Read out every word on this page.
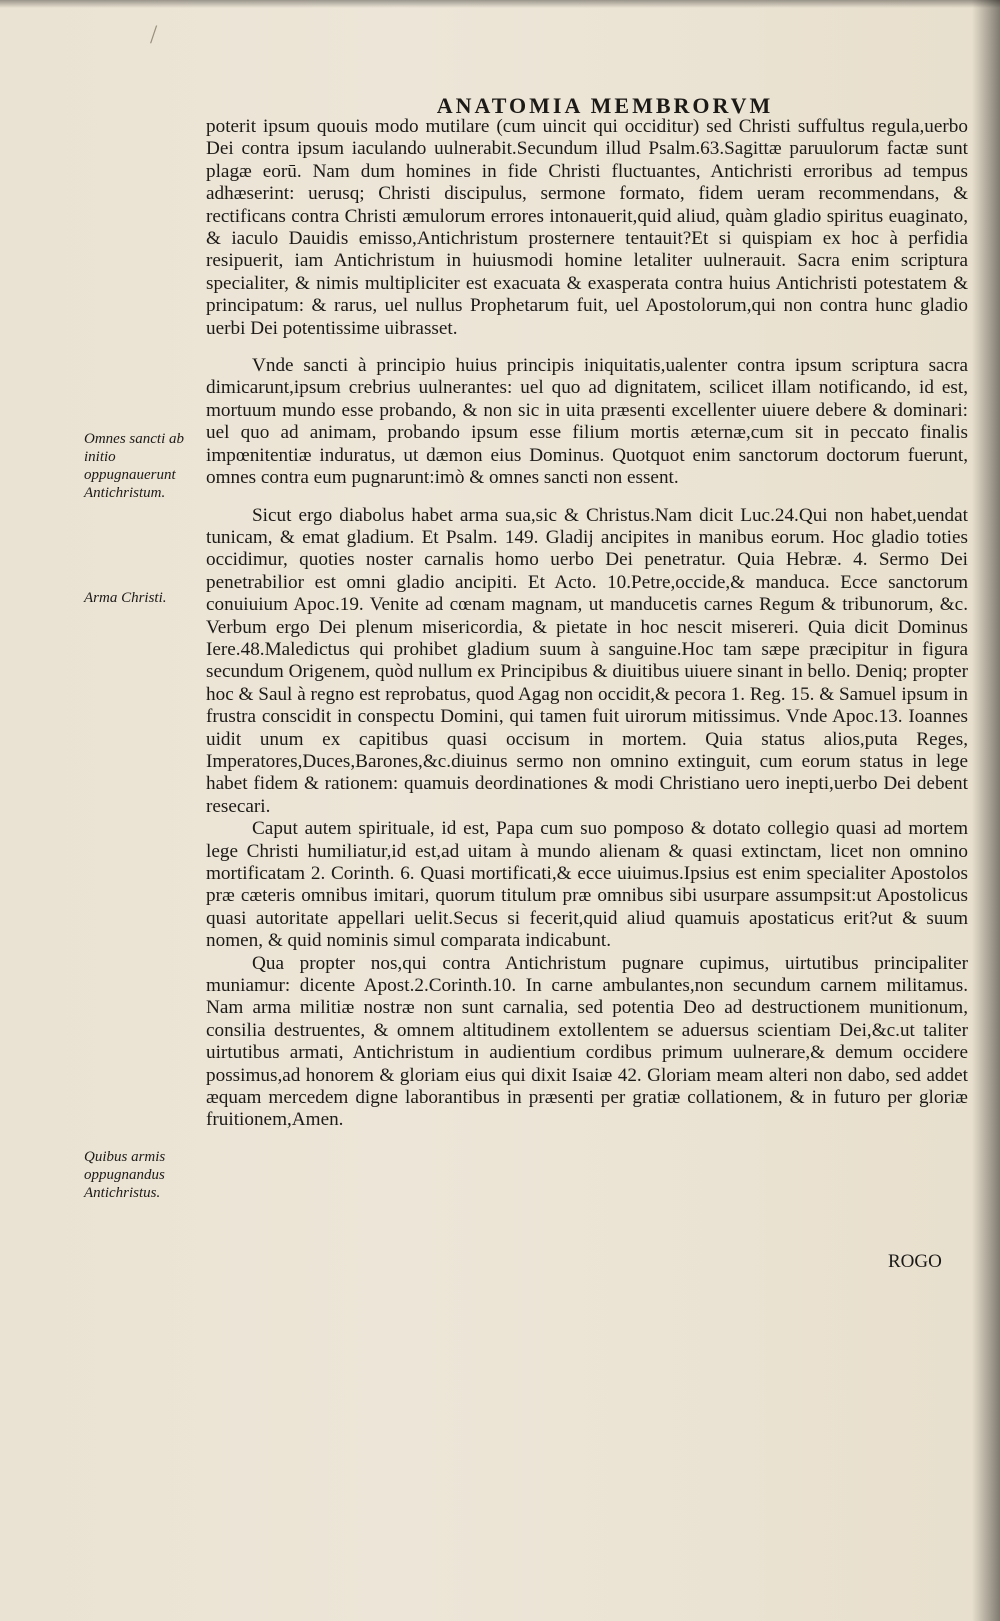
/
ANATOMIA MEMBRORVM

poterit ipsum quouis modo mutilare (cum uincit qui occiditur) sed Christi suffultus regula,uerbo Dei contra ipsum iaculando uulnerabit.Secundum illud Psalm.63.Sagittæ paruulorum factæ sunt plagæ eorū. Nam dum homines in fide Christi fluctuantes, Antichristi erroribus ad tempus adhæserint: uerusq; Christi discipulus, sermone formato, fidem ueram recommendans, & rectificans contra Christi æmulorum errores intonauerit,quid aliud, quàm gladio spiritus euaginato, & iaculo Dauidis emisso,Antichristum prosternere tentauit?Et si quispiam ex hoc à perfidia resipuerit, iam Antichristum in huiusmodi homine letaliter uulnerauit. Sacra enim scriptura specialiter, & nimis multipliciter est exacuata & exasperata contra huius Antichristi potestatem & principatum: & rarus, uel nullus Prophetarum fuit, uel Apostolorum,qui non contra hunc gladio uerbi Dei potentissime uibrasset.

Vnde sancti à principio huius principis iniquitatis,ualenter contra ipsum scriptura sacra dimicarunt,ipsum crebrius uulnerantes: uel quo ad dignitatem, scilicet illam notificando, id est, mortuum mundo esse probando, & non sic in uita præsenti excellenter uiuere debere & dominari: uel quo ad animam, probando ipsum esse filium mortis æternæ,cum sit in peccato finalis impœnitentiæ induratus, ut dæmon eius Dominus. Quotquot enim sanctorum doctorum fuerunt, omnes contra eum pugnarunt:imò & omnes sancti non essent.

Sicut ergo diabolus habet arma sua,sic & Christus.Nam dicit Luc.24.Qui non habet,uendat tunicam, & emat gladium. Et Psalm. 149. Gladij ancipites in manibus eorum. Hoc gladio toties occidimur, quoties noster carnalis homo uerbo Dei penetratur. Quia Hebræ. 4. Sermo Dei penetrabilior est omni gladio ancipiti. Et Acto. 10.Petre,occide,& manduca. Ecce sanctorum conuiuium Apoc.19. Venite ad cœnam magnam, ut manducetis carnes Regum & tribunorum, &c. Verbum ergo Dei plenum misericordia, & pietate in hoc nescit misereri. Quia dicit Dominus Iere.48.Maledictus qui prohibet gladium suum à sanguine.Hoc tam sæpe præcipitur in figura secundum Origenem, quòd nullum ex Principibus & diuitibus uiuere sinant in bello. Deniq; propter hoc & Saul à regno est reprobatus, quod Agag non occidit,& pecora 1. Reg. 15. & Samuel ipsum in frustra conscidit in conspectu Domini, qui tamen fuit uirorum mitissimus. Vnde Apoc.13. Ioannes uidit unum ex capitibus quasi occisum in mortem. Quia status alios,puta Reges, Imperatores,Duces,Barones,&c.diuinus sermo non omnino extinguit, cum eorum status in lege habet fidem & rationem: quamuis deordinationes & modi Christiano uero inepti,uerbo Dei debent resecari.

Caput autem spirituale, id est, Papa cum suo pomposo & dotato collegio quasi ad mortem lege Christi humiliatur,id est,ad uitam à mundo alienam & quasi extinctam, licet non omnino mortificatam 2. Corinth. 6. Quasi mortificati,& ecce uiuimus.Ipsius est enim specialiter Apostolos præ cæteris omnibus imitari, quorum titulum præ omnibus sibi usurpare assumpsit:ut Apostolicus quasi autoritate appellari uelit.Secus si fecerit,quid aliud quamuis apostaticus erit?ut & suum nomen, & quid nominis simul comparata indicabunt.

Qua propter nos,qui contra Antichristum pugnare cupimus, uirtutibus principaliter muniamur: dicente Apost.2.Corinth.10. In carne ambulantes,non secundum carnem militamus. Nam arma militiæ nostræ non sunt carnalia, sed potentia Deo ad destructionem munitionum, consilia destruentes, & omnem altitudinem extollentem se aduersus scientiam Dei,&c.ut taliter uirtutibus armati, Antichristum in audientium cordibus primum uulnerare,& demum occidere possimus,ad honorem & gloriam eius qui dixit Isaiæ 42. Gloriam meam alteri non dabo, sed addet æquam mercedem digne laborantibus in præsenti per gratiæ collationem, & in futuro per gloriæ fruitionem,Amen.

Omnes sancti ab initio oppugnauerunt Antichristum.
Arma Christi.
Quibus armis oppugnandus Antichristus.
ROGO
